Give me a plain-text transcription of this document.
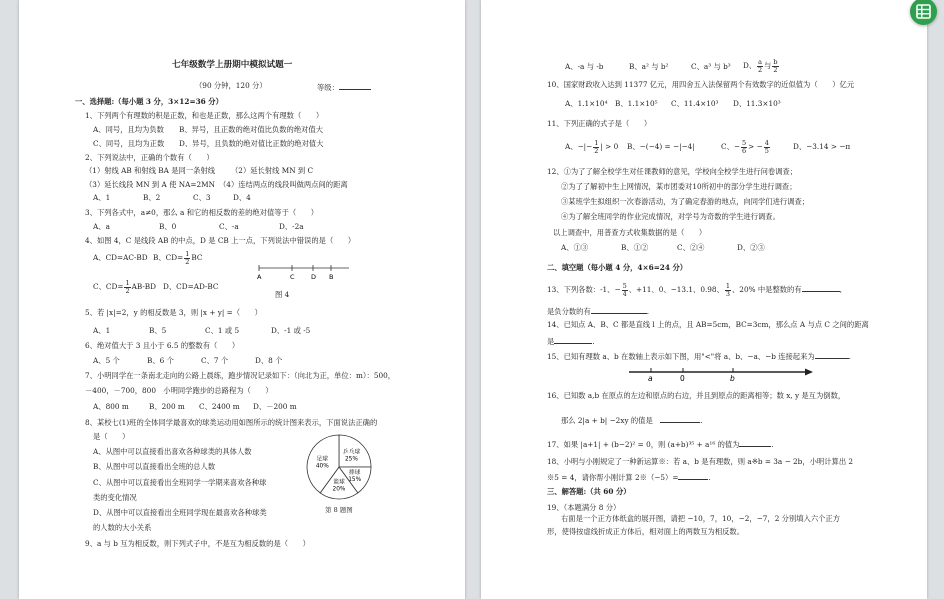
七年级数学上册期中模拟试题一
（90 分钟，120 分）	等级：
一、选择题:（每小题 3 分，3×12=36 分）
1、下列两个有理数的积是正数，和也是正数，那么这两个有理数（　　）
A、同号，且均为负数 B、异号，且正数的绝对值比负数的绝对值大
C、同号，且均为正数 D、异号，且负数的绝对值比正数的绝对值大
2、下列说法中，正确的个数有（　　）
（1）射线 AB 和射线 BA 是同一条射线 （2）延长射线 MN 到 C
（3）延长线段 MN 到 A 使 NA=2MN （4）连结两点的线段叫做两点间的距离
A、1	B、2	C、3	D、4
3、下列各式中，a≠0，那么 a 和它的相反数的差的绝对值等于（　　）
A、a	B、0	C、-a	D、-2a
4、如图 4，C 是线段 AB 的中点，D 是 CB 上一点，下列说法中错误的是（　　）
A、CD=AC-BD B、$CD= \frac{1}{2}$ BC
C、$CD= \frac{1}{2} AB-BD$ D、CD=AD-BC
A	C	D B
图 4
5、若 |x|=2，y 的相反数是 3，则 |x + y| =（　　）
A、1	B、5	C、1 或 5	D、-1 或 -5
6、绝对值大于 3 且小于 6.5 的整数有（　　）
A、5 个	B、6 个	C、7 个	D、8 个
7、小明同学在一条南北走向的公路上晨练，跑步情况记录如下：（向北为正，单位：m）：500，
－400，－700，800　小明同学跑步的总路程为（　　）
A、800 m	B、200 m C、2400 m D、－200 m
8、某校七(1)班的全体同学最喜欢的球类运动用如图所示的统计图来表示，下面说法正确的
是（　　）
A、从图中可以直接看出喜欢各种球类的具体人数
B、从图中可以直接看出全班的总人数
C、从图中可以直接看出全班同学一学期来喜欢各种球
类的变化情况
D、从图中可以直接看出全班同学现在最喜欢各种球类
的人数的大小关系
乒乓球
25%
排球
15%
篮球
20%
足球
40%
第 8 题图
9、a 与 b 互为相反数，则下列式子中，不是互为相反数的是（　　）
A、-a 与 -b	B、a² 与 b²	C、a³ 与 b³ D、 $\frac{a}{2}$ 与 $\frac{b}{2}$
10、国家财政收入达到 11377 亿元，用四舍五入法保留两个有效数字的近似值为（　　）亿元
A、1.1×10⁴ B、1.1×10⁵ C、11.4×10³ D、11.3×10³
11、下列正确的式子是（　　）
A、−|− $\frac{1}{2}$ | > 0 B、−(−4) = −|−4|	C、− $\frac{5}{6}$ > − $\frac{4}{5}$	D、−3.14 > −π
12、①为了了解全校学生对任课教师的意见，学校向全校学生进行问卷调查；
②为了了解初中生上网情况，某市团委对10所初中的部分学生进行调查；
③某班学生拟组织一次春游活动，为了确定春游的地点，向同学们进行调查；
④为了解全班同学的作业完成情况，对学号为奇数的学生进行调查。
以上调查中，用普查方式收集数据的是（　　）
A、①③	B、①②	C、②④	D、②③
二、填空题（每小题 4 分，4×6=24 分）
13、下列各数：-1、− $\frac{5}{4}$ 、+11、0、−13.1、0.98、 $\frac{1}{3}$ 、20% 中是整数的有	,
是负分数的有	.
14、已知点 A、B、C 都是直线 l 上的点，且 AB=5cm，BC=3cm，那么点 A 与点 C 之间的距离
是	.
15、已知有理数 a、b 在数轴上表示如下图，用"<"将 a、b、−a、−b 连接起来为	.
a	0	b
16、已知数 a,b 在原点的左边和原点的右边，并且到原点的距离相等；数 x, y 是互为倒数，
那么 2|a + b| −2xy 的值是　	.
17、如果 |a+1| + (b−2)² = 0，则 (a+b)³⁵ + a¹⁶ 的值为	.
18、小明与小刚规定了一种新运算※：若 a、b 是有理数，则 a※b = 3a − 2b，小明计算出 2
※5 = 4，请你帮小刚计算 2※（−5）=	.
三、解答题:（共 60 分）
19、（本题满分 8 分）
右面是一个正方体纸盒的展开图，请把 −10，7，10，−2，−7，2 分别填入六个正方
形，使得按虚线折成正方体后，相对面上的两数互为相反数。
